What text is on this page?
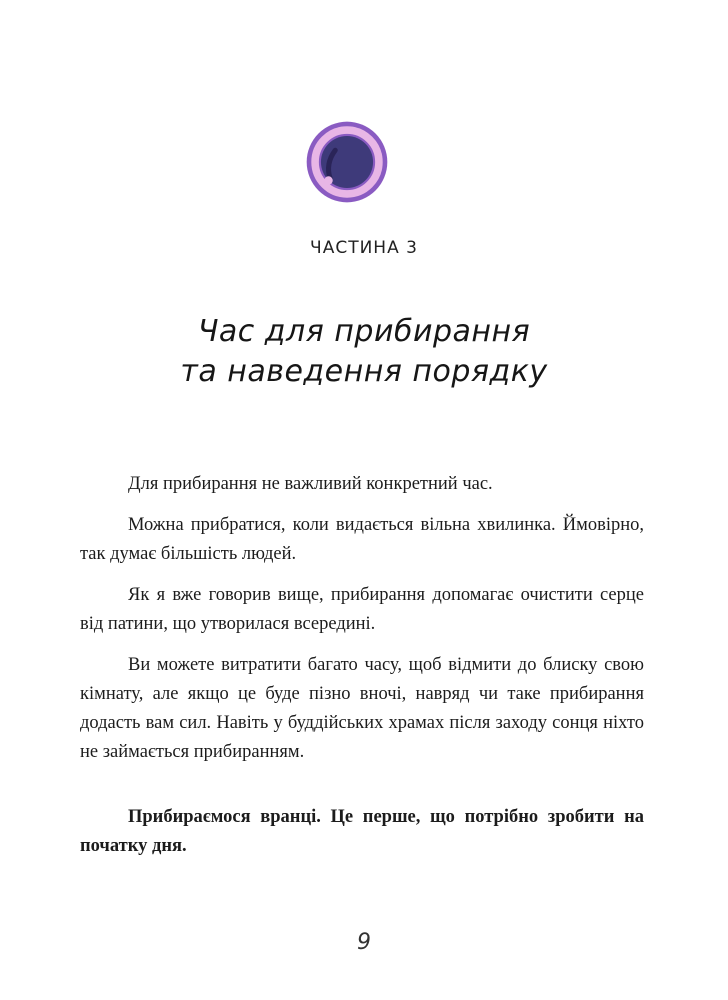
ЧАСТИНА 3
Час для прибирання
та наведення порядку

Для прибирання не важливий конкретний час.

Можна прибратися, коли видається вільна хвилинка. Ймовірно, так думає більшість людей.

Як я вже говорив вище, прибирання допомагає очистити серце від патини, що утворилася всередині.

Ви можете витратити багато часу, щоб відмити до блиску свою кімнату, але якщо це буде пізно вночі, навряд чи таке прибирання додасть вам сил. Навіть у буддійських храмах після заходу сонця ніхто не займається прибиранням.

Прибираємося вранці. Це перше, що потрібно зробити на початку дня.

9
